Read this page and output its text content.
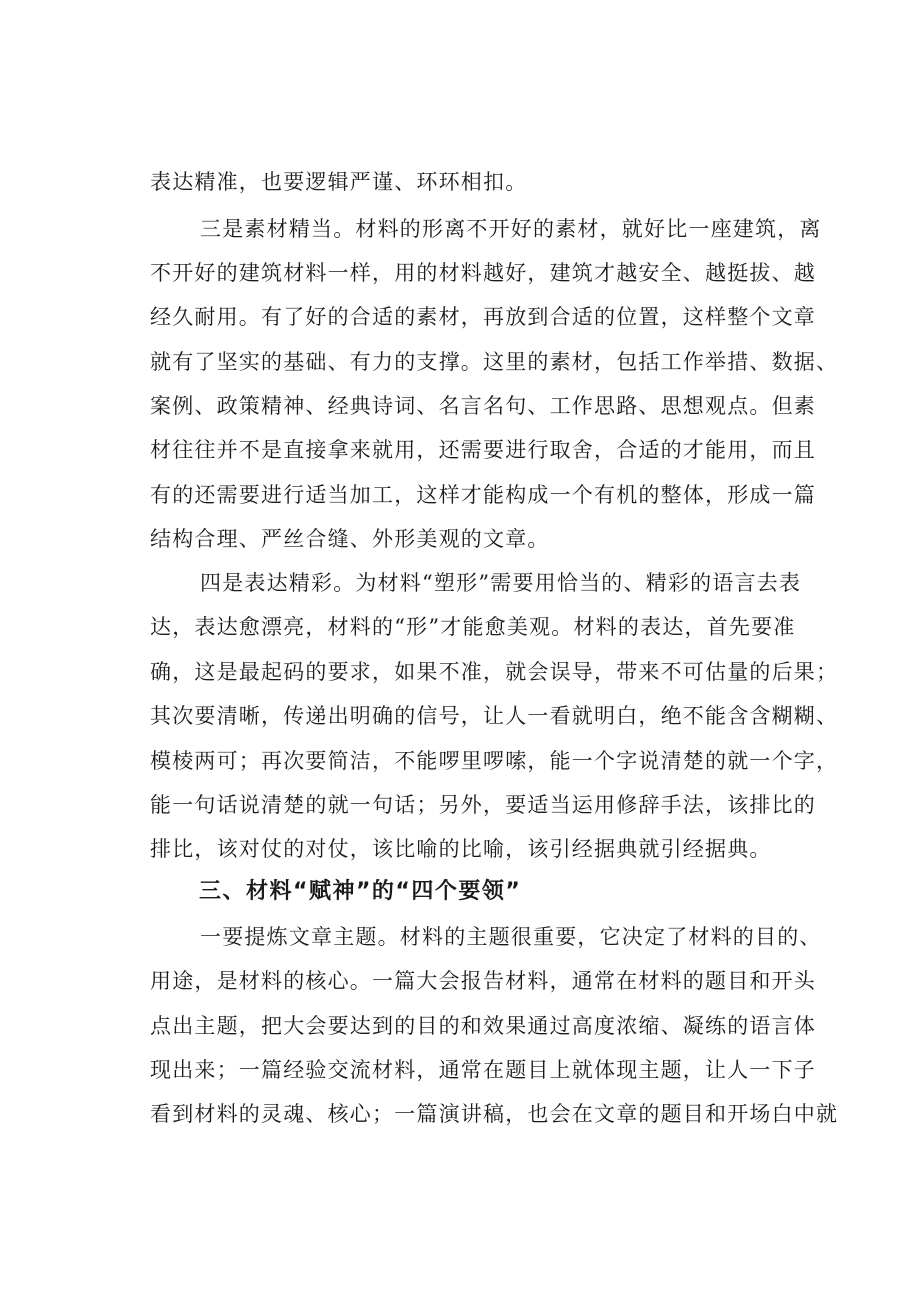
表达精准，也要逻辑严谨、环环相扣。
三是素材精当。材料的形离不开好的素材，就好比一座建筑，离
不开好的建筑材料一样，用的材料越好，建筑才越安全、越挺拔、越
经久耐用。有了好的合适的素材，再放到合适的位置，这样整个文章
就有了坚实的基础、有力的支撑。这里的素材，包括工作举措、数据、
案例、政策精神、经典诗词、名言名句、工作思路、思想观点。但素
材往往并不是直接拿来就用，还需要进行取舍，合适的才能用，而且
有的还需要进行适当加工，这样才能构成一个有机的整体，形成一篇
结构合理、严丝合缝、外形美观的文章。
四是表达精彩。为材料“塑形”需要用恰当的、精彩的语言去表
达，表达愈漂亮，材料的“形”才能愈美观。材料的表达，首先要准
确，这是最起码的要求，如果不准，就会误导，带来不可估量的后果；
其次要清晰，传递出明确的信号，让人一看就明白，绝不能含含糊糊、
模棱两可；再次要简洁，不能啰里啰嗦，能一个字说清楚的就一个字，
能一句话说清楚的就一句话；另外，要适当运用修辞手法，该排比的
排比，该对仗的对仗，该比喻的比喻，该引经据典就引经据典。
三、材料“赋神”的“四个要领”
一要提炼文章主题。材料的主题很重要，它决定了材料的目的、
用途，是材料的核心。一篇大会报告材料，通常在材料的题目和开头
点出主题，把大会要达到的目的和效果通过高度浓缩、凝练的语言体
现出来；一篇经验交流材料，通常在题目上就体现主题，让人一下子
看到材料的灵魂、核心；一篇演讲稿，也会在文章的题目和开场白中就
